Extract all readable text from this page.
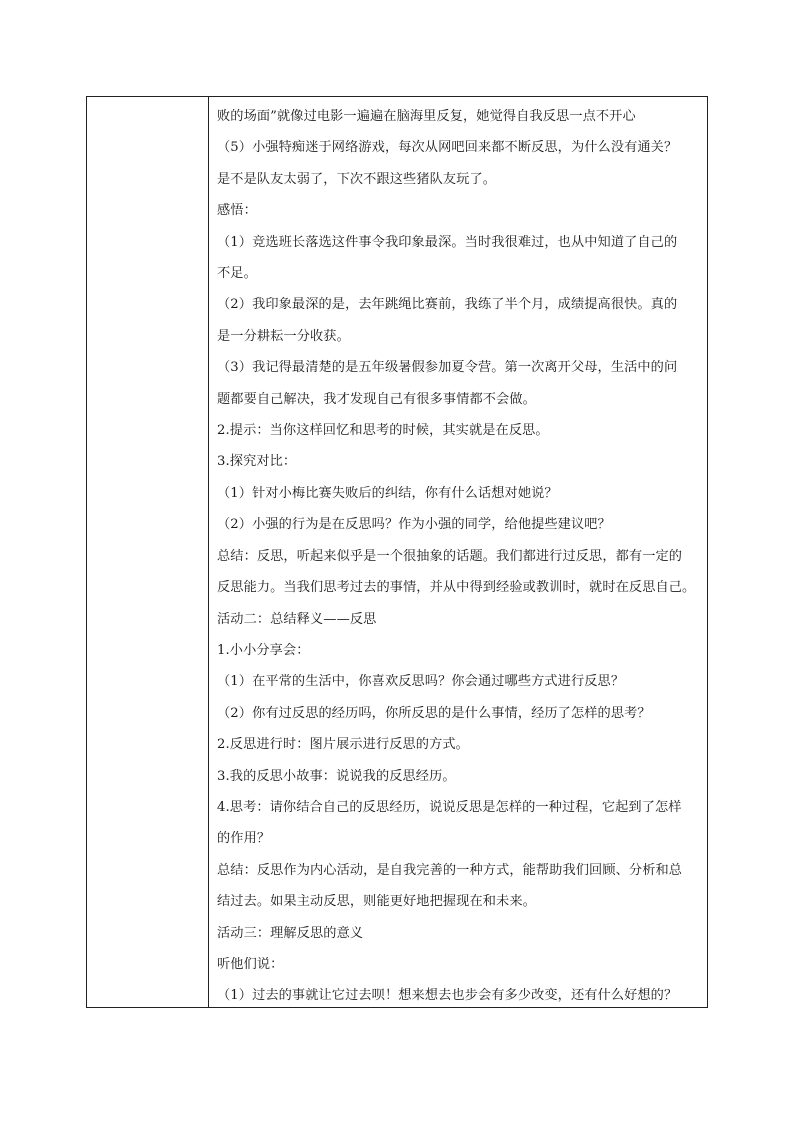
败的场面”就像过电影一遍遍在脑海里反复，她觉得自我反思一点不开心
（5）小强特痴迷于网络游戏，每次从网吧回来都不断反思，为什么没有通关？
是不是队友太弱了，下次不跟这些猪队友玩了。
感悟：
（1）竞选班长落选这件事令我印象最深。当时我很难过，也从中知道了自己的
不足。
（2）我印象最深的是，去年跳绳比赛前，我练了半个月，成绩提高很快。真的
是一分耕耘一分收获。
（3）我记得最清楚的是五年级暑假参加夏令营。第一次离开父母，生活中的问
题都要自己解决，我才发现自己有很多事情都不会做。
2.提示：当你这样回忆和思考的时候，其实就是在反思。
3.探究对比：
（1）针对小梅比赛失败后的纠结，你有什么话想对她说？
（2）小强的行为是在反思吗？作为小强的同学，给他提些建议吧？
总结：反思，听起来似乎是一个很抽象的话题。我们都进行过反思，都有一定的
反思能力。当我们思考过去的事情，并从中得到经验或教训时，就时在反思自己。
活动二：总结释义——反思
1.小小分享会：
（1）在平常的生活中，你喜欢反思吗？你会通过哪些方式进行反思？
（2）你有过反思的经历吗，你所反思的是什么事情，经历了怎样的思考？
2.反思进行时：图片展示进行反思的方式。
3.我的反思小故事：说说我的反思经历。
4.思考：请你结合自己的反思经历，说说反思是怎样的一种过程，它起到了怎样
的作用？
总结：反思作为内心活动，是自我完善的一种方式，能帮助我们回顾、分析和总
结过去。如果主动反思，则能更好地把握现在和未来。
活动三：理解反思的意义
听他们说：
（1）过去的事就让它过去呗！想来想去也步会有多少改变，还有什么好想的？
